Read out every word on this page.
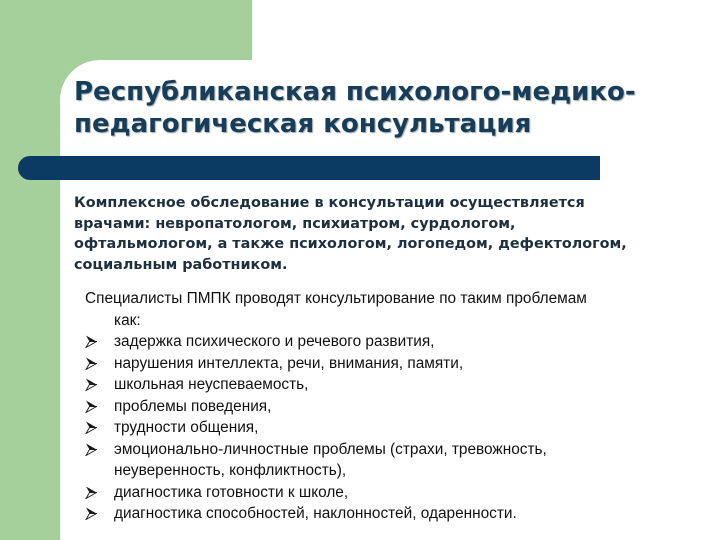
Республиканская психолого-медико-
педагогическая консультация

Комплексное обследование в консультации осуществляется
врачами: невропатологом, психиатром, сурдологом,
офтальмологом, а также психологом, логопедом, дефектологом,
социальным работником.

Специалисты ПМПК проводят консультирование по таким проблемам
как:
задержка психического и речевого развития,
нарушения интеллекта, речи, внимания, памяти,
школьная неуспеваемость,
проблемы поведения,
трудности общения,
эмоционально-личностные проблемы (страхи, тревожность,
неуверенность, конфликтность),
диагностика готовности к школе,
диагностика способностей, наклонностей, одаренности.
